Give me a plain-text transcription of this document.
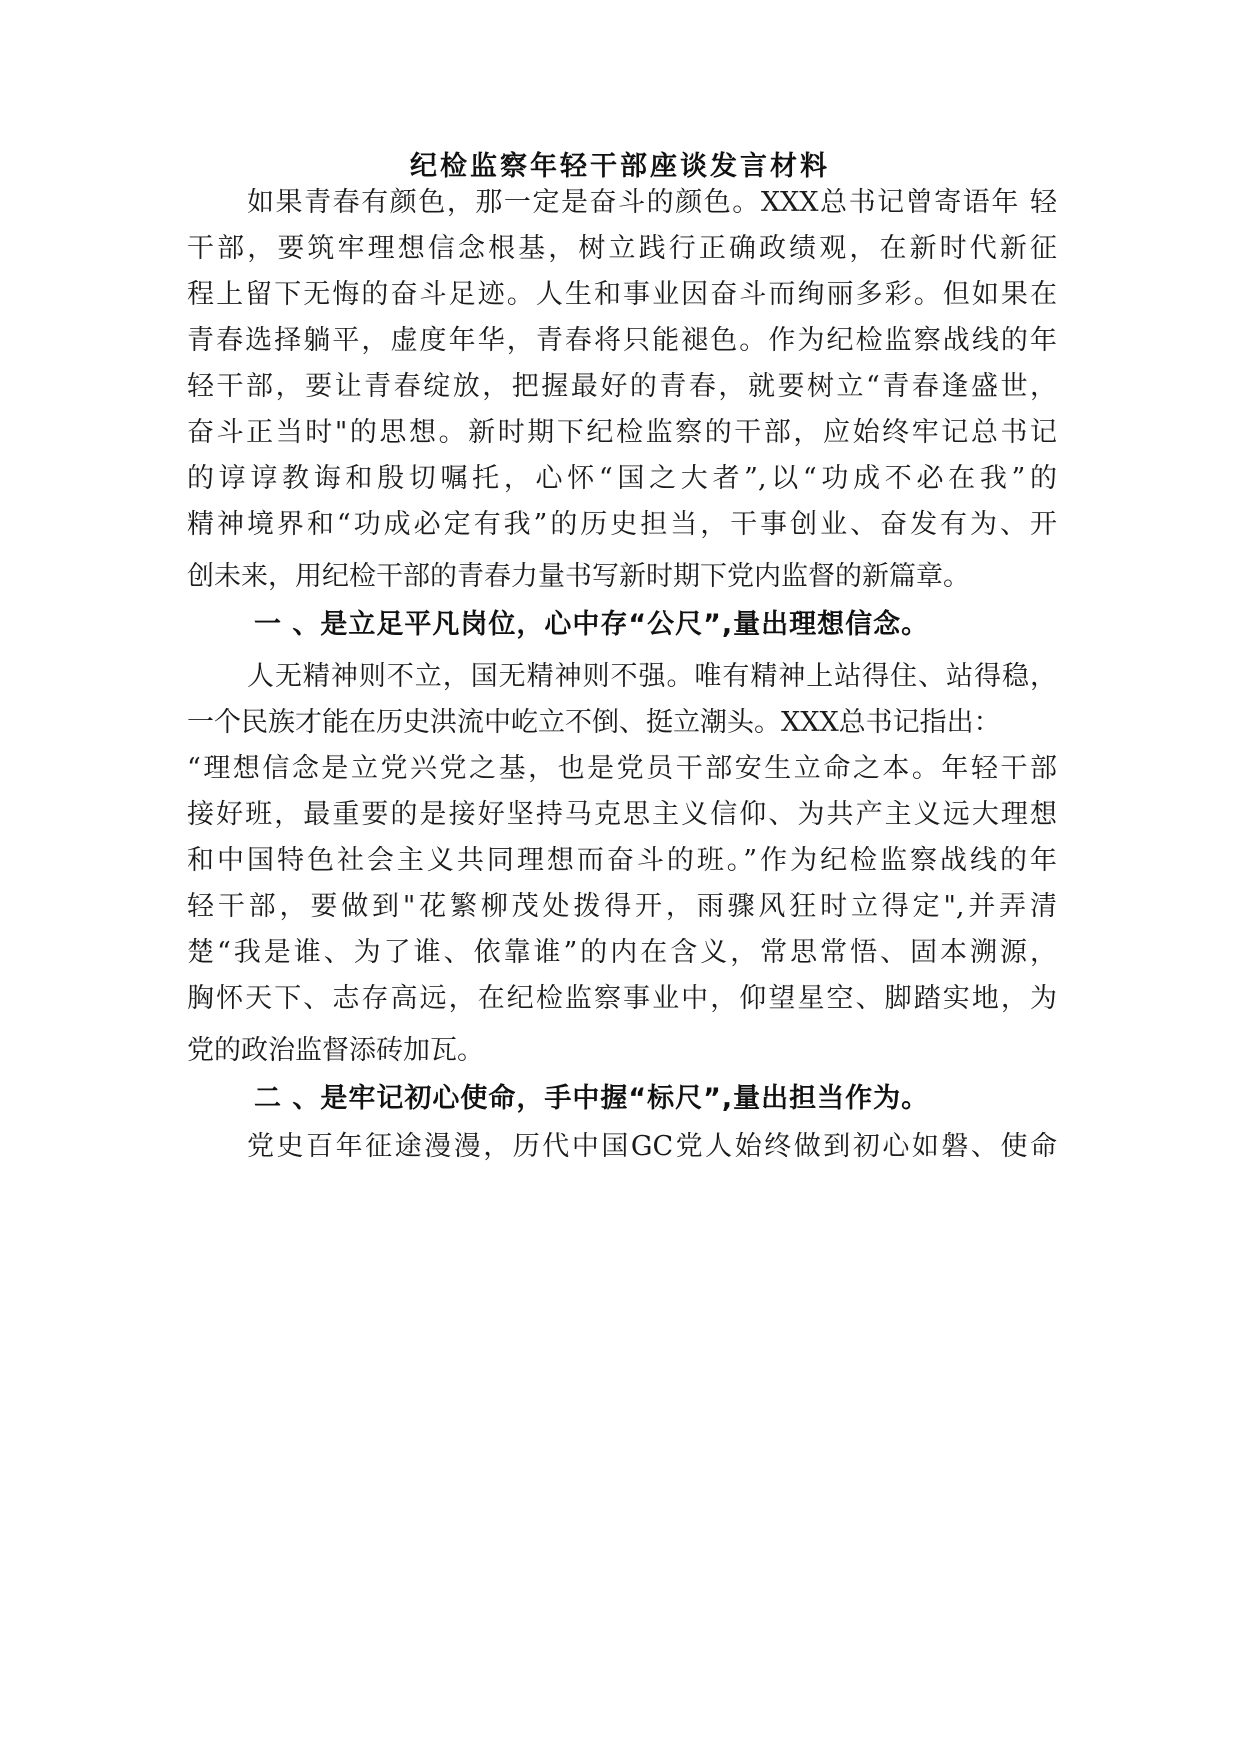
纪检监察年轻干部座谈发言材料
如果青春有颜色，那一定是奋斗的颜色。XXX总书记曾寄语年 轻
干部，要筑牢理想信念根基，树立践行正确政绩观，在新时代新征
程上留下无悔的奋斗足迹。人生和事业因奋斗而绚丽多彩。但如果在
青春选择躺平，虚度年华，青春将只能褪色。作为纪检监察战线的年
轻干部，要让青春绽放，把握最好的青春，就要树立“青春逢盛世，
奋斗正当时"的思想。新时期下纪检监察的干部，应始终牢记总书记
的谆谆教诲和殷切嘱托，心怀“国之大者”,以“功成不必在我”的
精神境界和“功成必定有我”的历史担当，干事创业、奋发有为、开
创未来，用纪检干部的青春力量书写新时期下党内监督的新篇章。
一 、是立足平凡岗位，心中存“公尺”,量出理想信念。
人无精神则不立，国无精神则不强。唯有精神上站得住、站得稳，
一个民族才能在历史洪流中屹立不倒、挺立潮头。XXX总书记指出：
“理想信念是立党兴党之基，也是党员干部安生立命之本。年轻干部
接好班，最重要的是接好坚持马克思主义信仰、为共产主义远大理想
和中国特色社会主义共同理想而奋斗的班。”作为纪检监察战线的年
轻干部，要做到"花繁柳茂处拨得开，雨骤风狂时立得定",并弄清
楚“我是谁、为了谁、依靠谁”的内在含义，常思常悟、固本溯源，
胸怀天下、志存高远，在纪检监察事业中，仰望星空、脚踏实地，为
党的政治监督添砖加瓦。
二 、是牢记初心使命，手中握“标尺”,量出担当作为。
党史百年征途漫漫，历代中国GC党人始终做到初心如磐、使命
